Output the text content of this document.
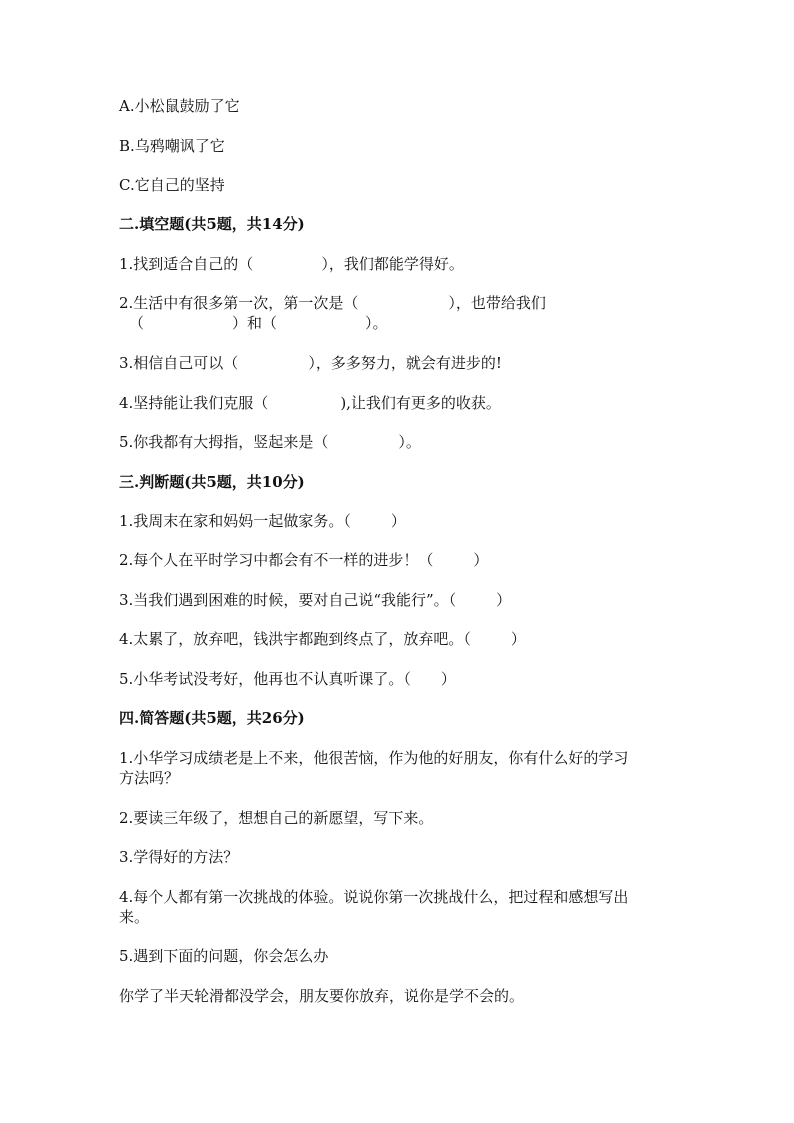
A.小松鼠鼓励了它
B.乌鸦嘲讽了它
C.它自己的坚持
二.填空题(共5题，共14分)
1.找到适合自己的（	），我们都能学得好。
2.生活中有很多第一次，第一次是（	），也带给我们
（	）和（	）。
3.相信自己可以（	），多多努力，就会有进步的!
4.坚持能让我们克服（	),让我们有更多的收获。
5.你我都有大拇指，竖起来是（	）。
三.判断题(共5题，共10分)
1.我周末在家和妈妈一起做家务。（	）
2.每个人在平时学习中都会有不一样的进步！（	）
3.当我们遇到困难的时候，要对自己说“我能行”。（	）
4.太累了，放弃吧，钱洪宇都跑到终点了，放弃吧。（	）
5.小华考试没考好，他再也不认真听课了。（ ）
四.简答题(共5题，共26分)
1.小华学习成绩老是上不来，他很苦恼，作为他的好朋友，你有什么好的学习
方法吗？
2.要读三年级了，想想自己的新愿望，写下来。
3.学得好的方法？
4.每个人都有第一次挑战的体验。说说你第一次挑战什么，把过程和感想写出
来。
5.遇到下面的问题，你会怎么办
你学了半天轮滑都没学会，朋友要你放弃，说你是学不会的。
